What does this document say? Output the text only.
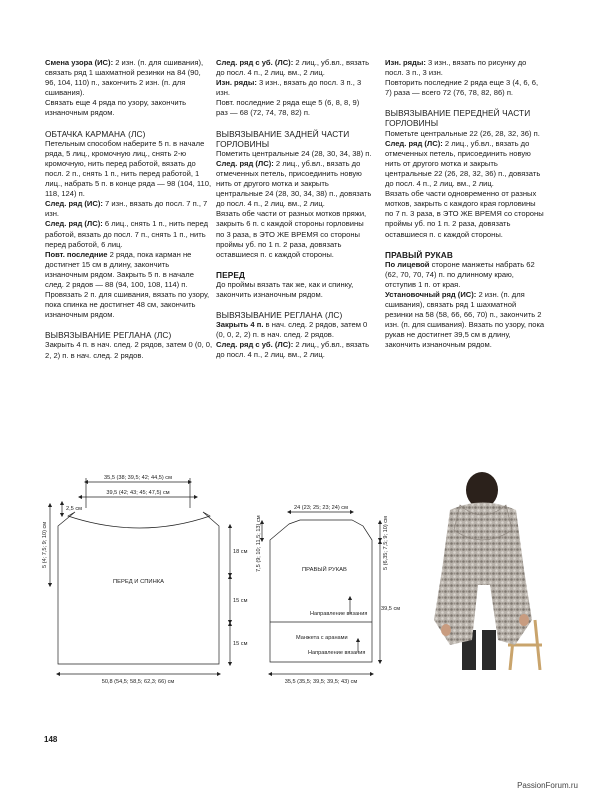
Смена узора (ИС): 2 изн. (п. для сшивания), связать ряд 1 шахматной резинки на 84 (90, 96, 104, 110) п., закончить 2 изн. (п. для сшивания).
Связать еще 4 ряда по узору, закончить изнаночным рядом.

ОБТАЧКА КАРМАНА (ЛС)

Петельным способом наберите 5 п. в начале ряда, 5 лиц., кромочную лиц., снять 2-ю кромочную, нить перед работой, вязать до посл. 2 п., снять 1 п., нить перед работой, 1 лиц., набрать 5 п. в конце ряда — 98 (104, 110, 118, 124) п.

След. ряд (ИС): 7 изн., вязать до посл. 7 п., 7 изн.

След. ряд (ЛС): 6 лиц., снять 1 п., нить перед работой, вязать до посл. 7 п., снять 1 п., нить перед работой, 6 лиц.

Повт. последние 2 ряда, пока карман не достигнет 15 см в длину, закончить изнаночным рядом. Закрыть 5 п. в начале след. 2 рядов — 88 (94, 100, 108, 114) п.

Провязать 2 п. для сшивания, вязать по узору, пока спинка не достигнет 48 см, закончить изнаночным рядом.

ВЫВЯЗЫВАНИЕ РЕГЛАНА (ЛС)

Закрыть 4 п. в нач. след. 2 рядов, затем 0 (0, 0, 2, 2) п. в нач. след. 2 рядов.

След. ряд с уб. (ЛС): 2 лиц., уб.вл., вязать до посл. 4 п., 2 лиц. вм., 2 лиц.

Изн. ряды: 3 изн., вязать до посл. 3 п., 3 изн.

Повт. последние 2 ряда еще 5 (6, 8, 8, 9) раз — 68 (72, 74, 78, 82) п.

ВЫВЯЗЫВАНИЕ ЗАДНЕЙ ЧАСТИ ГОРЛОВИНЫ

Пометить центральные 24 (28, 30, 34, 38) п.

След. ряд (ЛС): 2 лиц., уб.вл., вязать до отмеченных петель, присоединить новую нить от другого мотка и закрыть центральные 24 (28, 30, 34, 38) п., довязать до посл. 4 п., 2 лиц. вм., 2 лиц.

Вязать обе части от разных мотков пряжи, закрыть 6 п. с каждой стороны горловины по 3 раза, в ЭТО ЖЕ ВРЕМЯ со стороны проймы уб. по 1 п. 2 раза, довязать оставшиеся п. с каждой стороны.

ПЕРЕД

До проймы вязать так же, как и спинку, закончить изнаночным рядом.

ВЫВЯЗЫВАНИЕ РЕГЛАНА (ЛС)

Закрыть 4 п. в нач. след. 2 рядов, затем 0 (0, 0, 2, 2) п. в нач. след. 2 рядов.

След. ряд с уб. (ЛС): 2 лиц., уб.вл., вязать до посл. 4 п., 2 лиц. вм., 2 лиц.

Изн. ряды: 3 изн., вязать по рисунку до посл. 3 п., 3 изн.

Повторить последние 2 ряда еще 3 (4, 6, 6, 7) раза — всего 72 (76, 78, 82, 86) п.

ВЫВЯЗЫВАНИЕ ПЕРЕДНЕЙ ЧАСТИ ГОРЛОВИНЫ

Пометьте центральные 22 (26, 28, 32, 36) п.

След. ряд (ЛС): 2 лиц., уб.вл., вязать до отмеченных петель, присоединить новую нить от другого мотка и закрыть центральные 22 (26, 28, 32, 36) п., довязать до посл. 4 п., 2 лиц. вм., 2 лиц.

Вязать обе части одновременно от разных мотков, закрыть с каждого края горловины по 7 п. 3 раза, в ЭТО ЖЕ ВРЕМЯ со стороны проймы уб. по 1 п. 2 раза, довязать оставшиеся п. с каждой стороны.

ПРАВЫЙ РУКАВ

По лицевой стороне манжеты набрать 62 (62, 70, 70, 74) п. по длинному краю, отступив 1 п. от края.

Установочный ряд (ИС): 2 изн. (п. для сшивания), связать ряд 1 шахматной резинки на 58 (58, 66, 66, 70) п., закончить 2 изн. (п. для сшивания). Вязать по узору, пока рукав не достигнет 39,5 см в длину, закончить изнаночным рядом.

35,5 (38; 39,5; 42; 44,5) см
39,5 (42; 43; 45; 47,5) см
5 (4; 7,5; 9; 10) см
2,5 см
ПЕРЕД И СПИНКА
18 см
15 см
15 см
50,8 (54,5; 58,5; 62,3; 66) см
7,5 (9; 10; 11,5; 13) см
24 (23; 25; 23; 24) см
5 (6,35; 7,5; 9; 10) см
ПРАВЫЙ РУКАВ
Направление вязания
39,5 см
Манжета с аранами
Направление вязания
35,5 (35,5; 39,5; 39,5; 43) см
148
PassionForum.ru
